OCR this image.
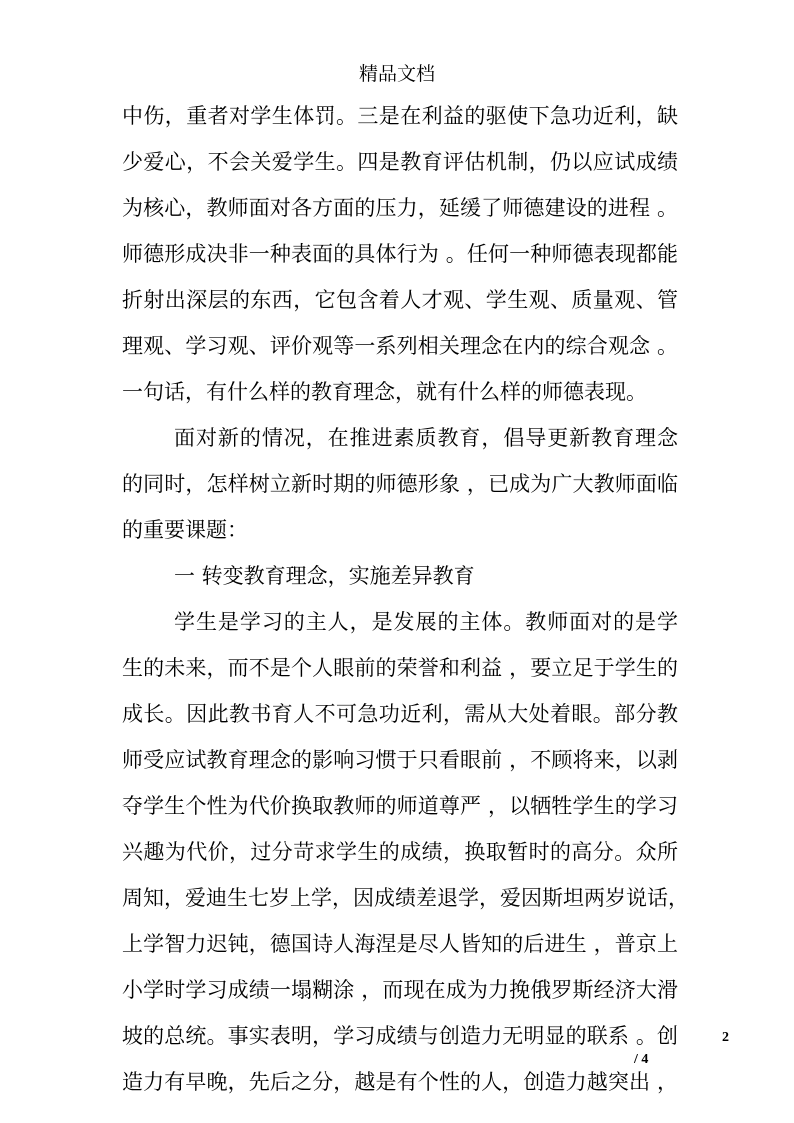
精品文档
中伤，重者对学生体罚。三是在利益的驱使下急功近利，缺
少爱心，不会关爱学生。四是教育评估机制，仍以应试成绩
为核心，教师面对各方面的压力，延缓了师德建设的进程 。
师德形成决非一种表面的具体行为 。任何一种师德表现都能
折射出深层的东西，它包含着人才观、学生观、质量观、管
理观、学习观、评价观等一系列相关理念在内的综合观念 。
一句话，有什么样的教育理念，就有什么样的师德表现。
面对新的情况，在推进素质教育，倡导更新教育理念
的同时，怎样树立新时期的师德形象 ，已成为广大教师面临
的重要课题：
一 转变教育理念，实施差异教育
学生是学习的主人，是发展的主体。教师面对的是学
生的未来，而不是个人眼前的荣誉和利益 ，要立足于学生的
成长。因此教书育人不可急功近利，需从大处着眼。部分教
师受应试教育理念的影响习惯于只看眼前 ，不顾将来，以剥
夺学生个性为代价换取教师的师道尊严 ，以牺牲学生的学习
兴趣为代价，过分苛求学生的成绩，换取暂时的高分。众所
周知，爱迪生七岁上学，因成绩差退学，爱因斯坦两岁说话，
上学智力迟钝，德国诗人海涅是尽人皆知的后进生 ，普京上
小学时学习成绩一塌糊涂 ，而现在成为力挽俄罗斯经济大滑
坡的总统。事实表明，学习成绩与创造力无明显的联系 。创
造力有早晚，先后之分，越是有个性的人，创造力越突出 ，
2
/ 4
